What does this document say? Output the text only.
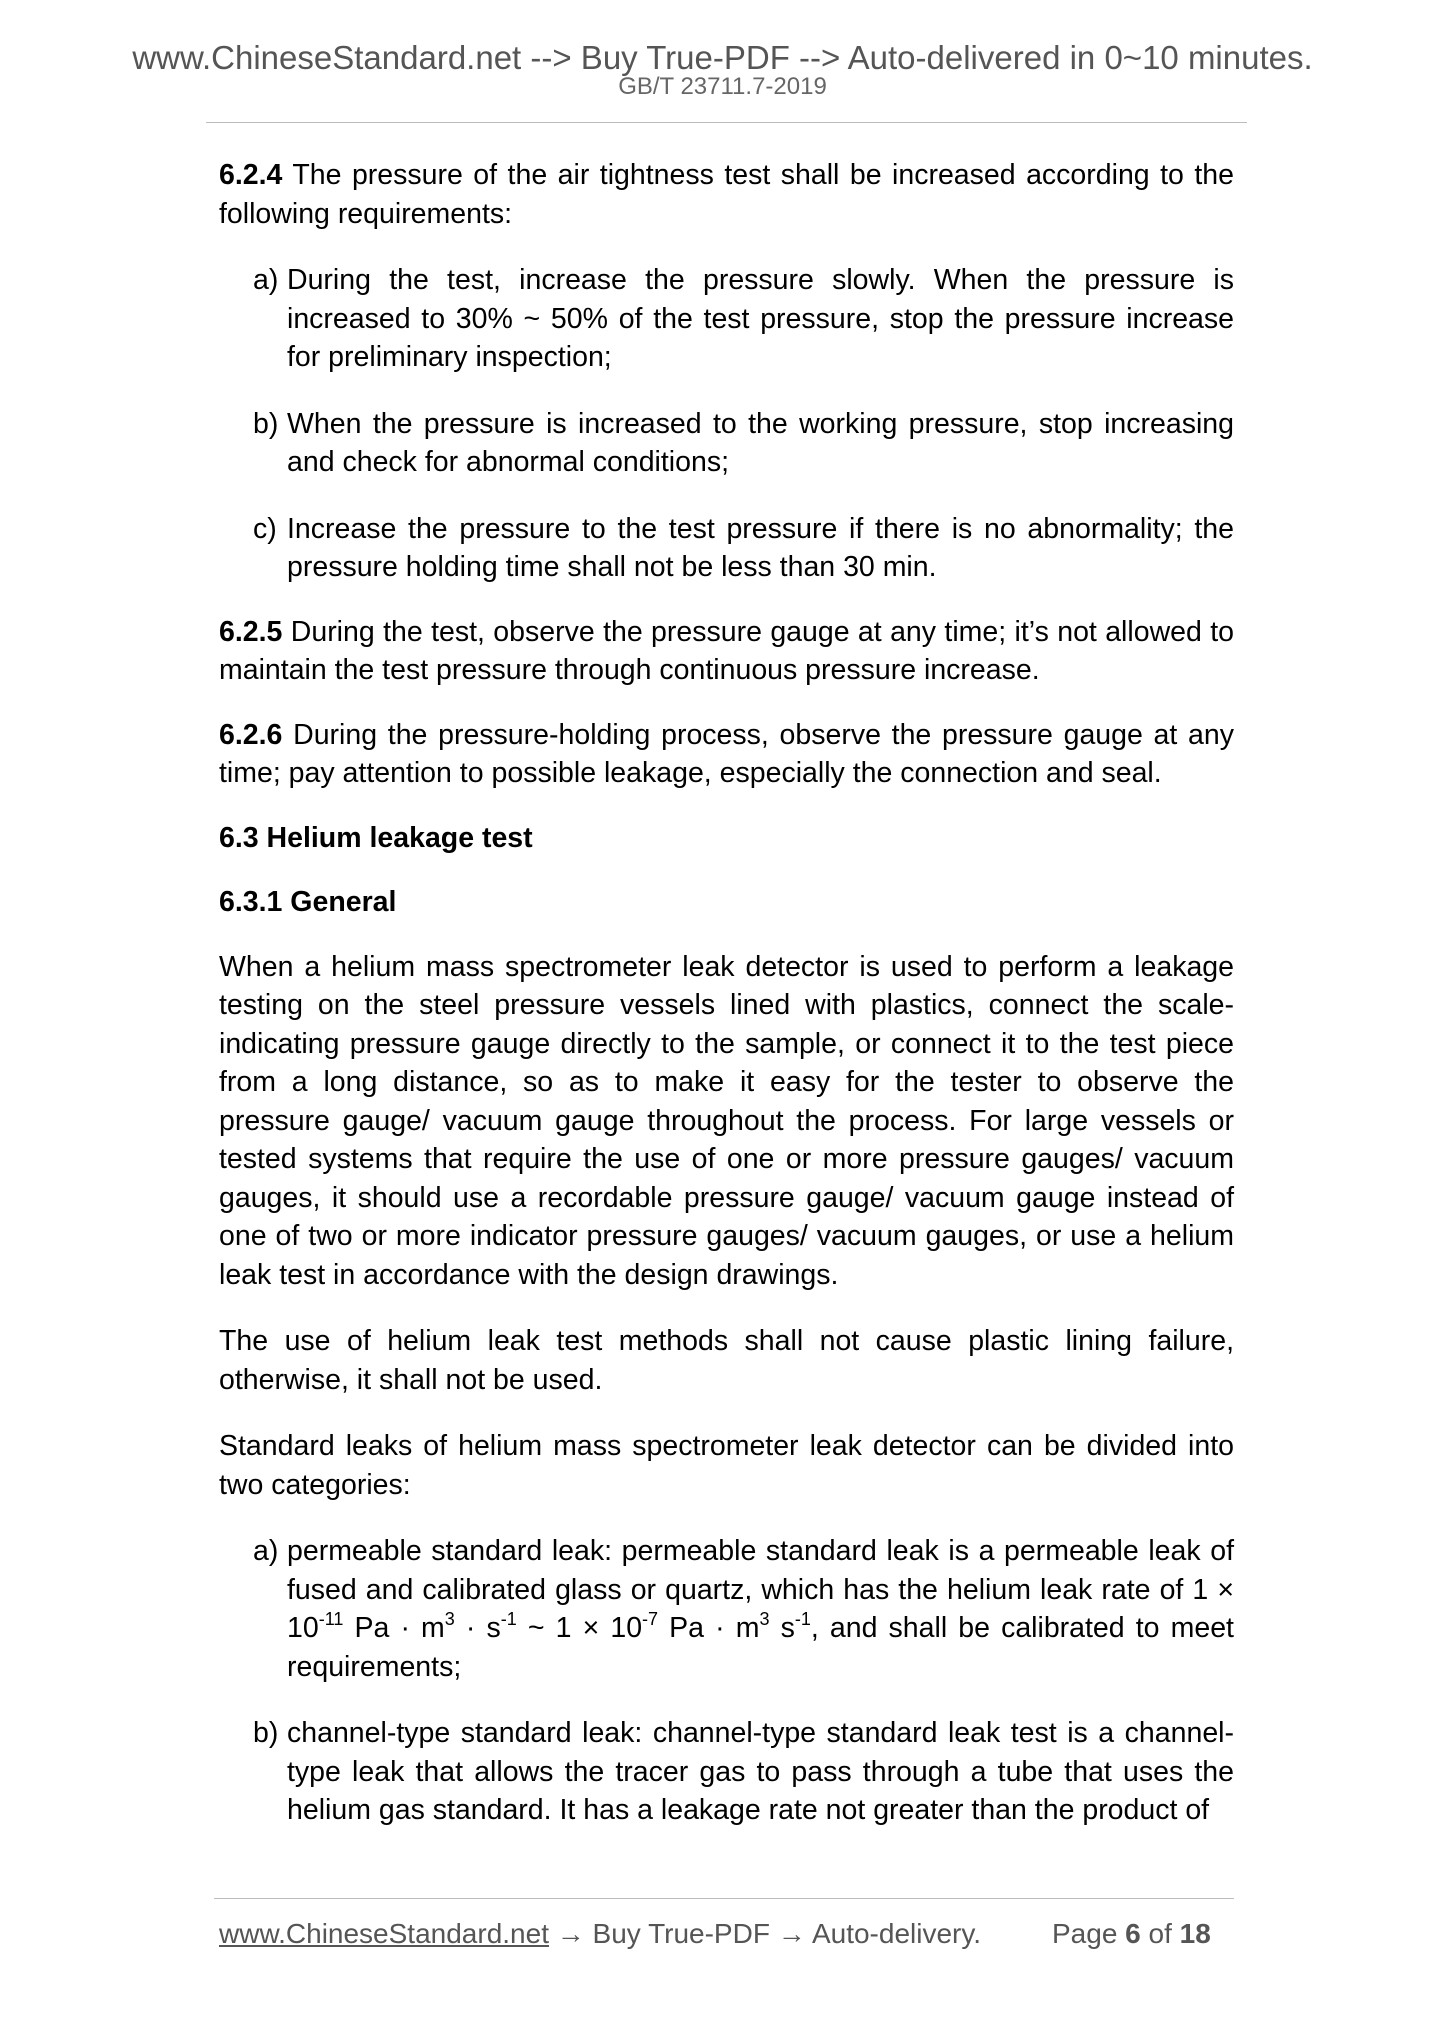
www.ChineseStandard.net --> Buy True-PDF --> Auto-delivered in 0~10 minutes.
GB/T 23711.7-2019

6.2.4 The pressure of the air tightness test shall be increased according to the following requirements:

a) During the test, increase the pressure slowly. When the pressure is increased to 30% ~ 50% of the test pressure, stop the pressure increase for preliminary inspection;

b) When the pressure is increased to the working pressure, stop increasing and check for abnormal conditions;

c) Increase the pressure to the test pressure if there is no abnormality; the pressure holding time shall not be less than 30 min.

6.2.5 During the test, observe the pressure gauge at any time; it’s not allowed to maintain the test pressure through continuous pressure increase.

6.2.6 During the pressure-holding process, observe the pressure gauge at any time; pay attention to possible leakage, especially the connection and seal.

6.3 Helium leakage test

6.3.1 General

When a helium mass spectrometer leak detector is used to perform a leakage testing on the steel pressure vessels lined with plastics, connect the scale-indicating pressure gauge directly to the sample, or connect it to the test piece from a long distance, so as to make it easy for the tester to observe the pressure gauge/ vacuum gauge throughout the process. For large vessels or tested systems that require the use of one or more pressure gauges/ vacuum gauges, it should use a recordable pressure gauge/ vacuum gauge instead of one of two or more indicator pressure gauges/ vacuum gauges, or use a helium leak test in accordance with the design drawings.

The use of helium leak test methods shall not cause plastic lining failure, otherwise, it shall not be used.

Standard leaks of helium mass spectrometer leak detector can be divided into two categories:

a) permeable standard leak: permeable standard leak is a permeable leak of fused and calibrated glass or quartz, which has the helium leak rate of $1 \times 10^{-11}$ $Pa \cdot m^3 \cdot s^{-1}$ ~ $1 \times 10^{-7}$ $Pa \cdot m^3$ $s^{-1}$, and shall be calibrated to meet requirements;

b) channel-type standard leak: channel-type standard leak test is a channel-type leak that allows the tracer gas to pass through a tube that uses the helium gas standard. It has a leakage rate not greater than the product of

www.ChineseStandard.net → Buy True-PDF → Auto-delivery.	Page 6 of 18
